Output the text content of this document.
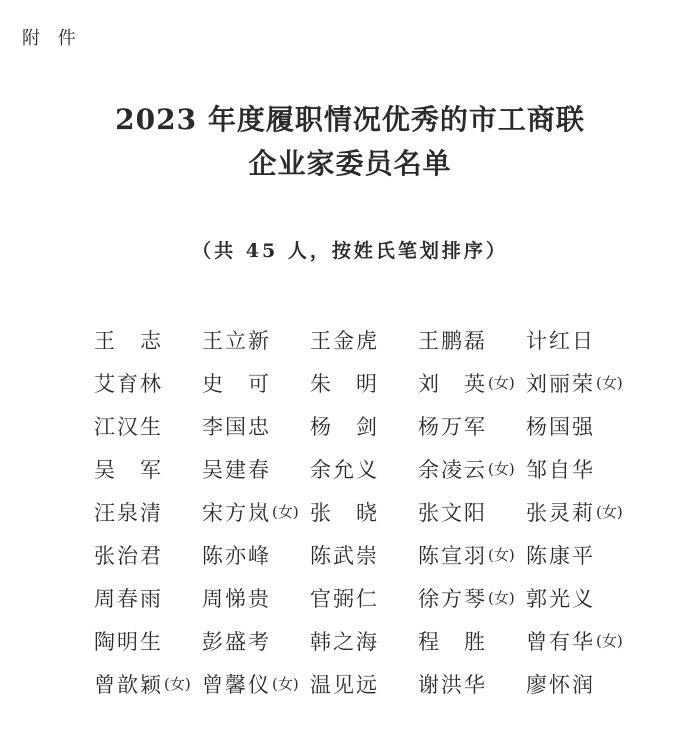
附 件
2023 年度履职情况优秀的市工商联
企业家委员名单
（共 45 人，按姓氏笔划排序）
王　志 王立新 王金虎 王鹏磊 计红日
艾育林 史　可 朱　明 刘　英 (女) 刘丽荣 (女)
江汉生 李国忠 杨　剑 杨万军 杨国强
吴　军 吴建春 余允义 余凌云 (女) 邹自华
汪泉清 宋方岚 (女) 张　晓 张文阳 张灵莉 (女)
张治君 陈亦峰 陈武崇 陈宣羽 (女) 陈康平
周春雨 周悌贵 官弼仁 徐方琴 (女) 郭光义
陶明生 彭盛考 韩之海 程　胜 曾有华 (女)
曾歆颖 (女) 曾馨仪 (女) 温见远 谢洪华 廖怀润
